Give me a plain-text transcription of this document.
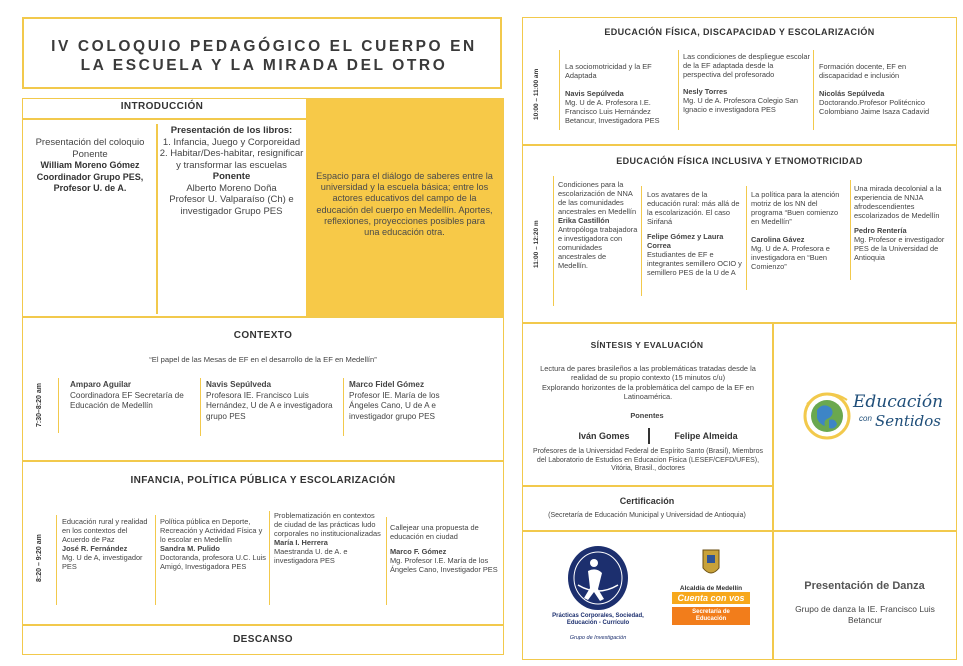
IV COLOQUIO PEDAGÓGICO EL CUERPO EN LA ESCUELA Y LA MIRADA DEL OTRO
INTRODUCCIÓN
Espacio para el diálogo de saberes entre la universidad y la escuela básica; entre los actores educativos del campo de la educación del cuerpo en Medellín. Aportes, reflexiones, proyecciones posibles para una educación otra.
Presentación del coloquio
Ponente
William Moreno Gómez
Coordinador Grupo PES, Profesor U. de A.
Presentación de los libros:
1. Infancia, Juego y Corporeidad
2. Habitar/Des-habitar, resignificar y transformar las escuelas
Ponente
Alberto Moreno Doña
Profesor U. Valparaíso (Ch) e investigador Grupo PES
CONTEXTO
“El papel de las Mesas de EF en el desarrollo de la EF en Medellín”
7:30–8:20 am	Amparo Aguilar
Coordinadora EF Secretaría de Educación de Medellín
Navis Sepúlveda
Profesora IE. Francisco Luis Hernández, U de A e investigadora grupo PES
Marco Fidel Gómez
Profesor IE. María de los Ángeles Cano, U de A e investigador grupo PES
INFANCIA, POLÍTICA PÚBLICA Y ESCOLARIZACIÓN
8:20 – 9:20 am
Educación rural y realidad en los contextos del Acuerdo de Paz
José R. Fernández
Mg. U de A, investigador PES
Política pública en Deporte, Recreación y Actividad Física y lo escolar en Medellín
Sandra M. Pulido
Doctoranda, profesora U.C. Luis Amigó, Investigadora PES
Problematización en contextos de ciudad de las prácticas ludo corporales no institucionalizadas
María I. Herrera
Maestranda U. de A. e investigadora PES
Callejear una propuesta de educación en ciudad
Marco F. Gómez
Mg. Profesor I.E. María de los Ángeles Cano, Investigador PES
DESCANSO
EDUCACIÓN FÍSICA, DISCAPACIDAD Y ESCOLARIZACIÓN
10:00 – 11:00 am
La sociomotricidad y la EF Adaptada
Navis Sepúlveda
Mg. U de A. Profesora I.E. Francisco Luis Hernández Betancur, Investigadora PES
Las condiciones de despliegue escolar de la EF adaptada desde la perspectiva del profesorado
Nesly Torres
Mg. U de A. Profesora Colegio San Ignacio e investigadora PES
Formación docente, EF en discapacidad e inclusión
Nicolás Sepúlveda
Doctorando.Profesor Politécnico Colombiano Jaime Isaza Cadavid
EDUCACIÓN FÍSICA INCLUSIVA Y ETNOMOTRICIDAD
11:00 – 12:20 m
Condiciones para la escolarización de NNA de las comunidades ancestrales en Medellín
Erika Castillón
Antropóloga trabajadora e investigadora con comunidades ancestrales de Medellín.
Los avatares de la educación rural: más allá de la escolarización. El caso Sirifaná
Felipe Gómez y Laura Correa
Estudiantes de EF e integrantes semillero OCIO y semillero PES de la U de A
La política para la atención motriz de los NN del programa “Buen comienzo en Medellín”
Carolina Gávez
Mg. U de A. Profesora e investigadora en “Buen Comienzo”
Una mirada decolonial a la experiencia de NNJA afrodescendientes escolarizados de Medellín
Pedro Rentería
Mg. Profesor e investigador PES de la Universidad de Antioquia
SÍNTESIS Y EVALUACIÓN
Lectura de pares brasileños a las problemáticas tratadas desde la realidad de su propio contexto (15 minutos c/u)
Explorando horizontes de la problemática del campo de la EF en Latinoamérica.
Ponentes
Iván Gomes	Felipe Almeida
Profesores de la Universidad Federal de Espírito Santo (Brasil), Miembros del Laboratorio de Estudios en Educacion Fisica (LESEF/CEFD/UFES), Vitória, Brasil., doctores
Certificación
(Secretaría de Educación Municipal y Universidad de Antioquia)
Educación
con Sentidos
Prácticas Corporales, Sociedad, Educación - Currículo
Grupo de Investigación
Alcaldía de Medellín
Cuenta con vos
Secretaría de Educación
Presentación de Danza
Grupo de danza la IE. Francisco Luis Betancur
